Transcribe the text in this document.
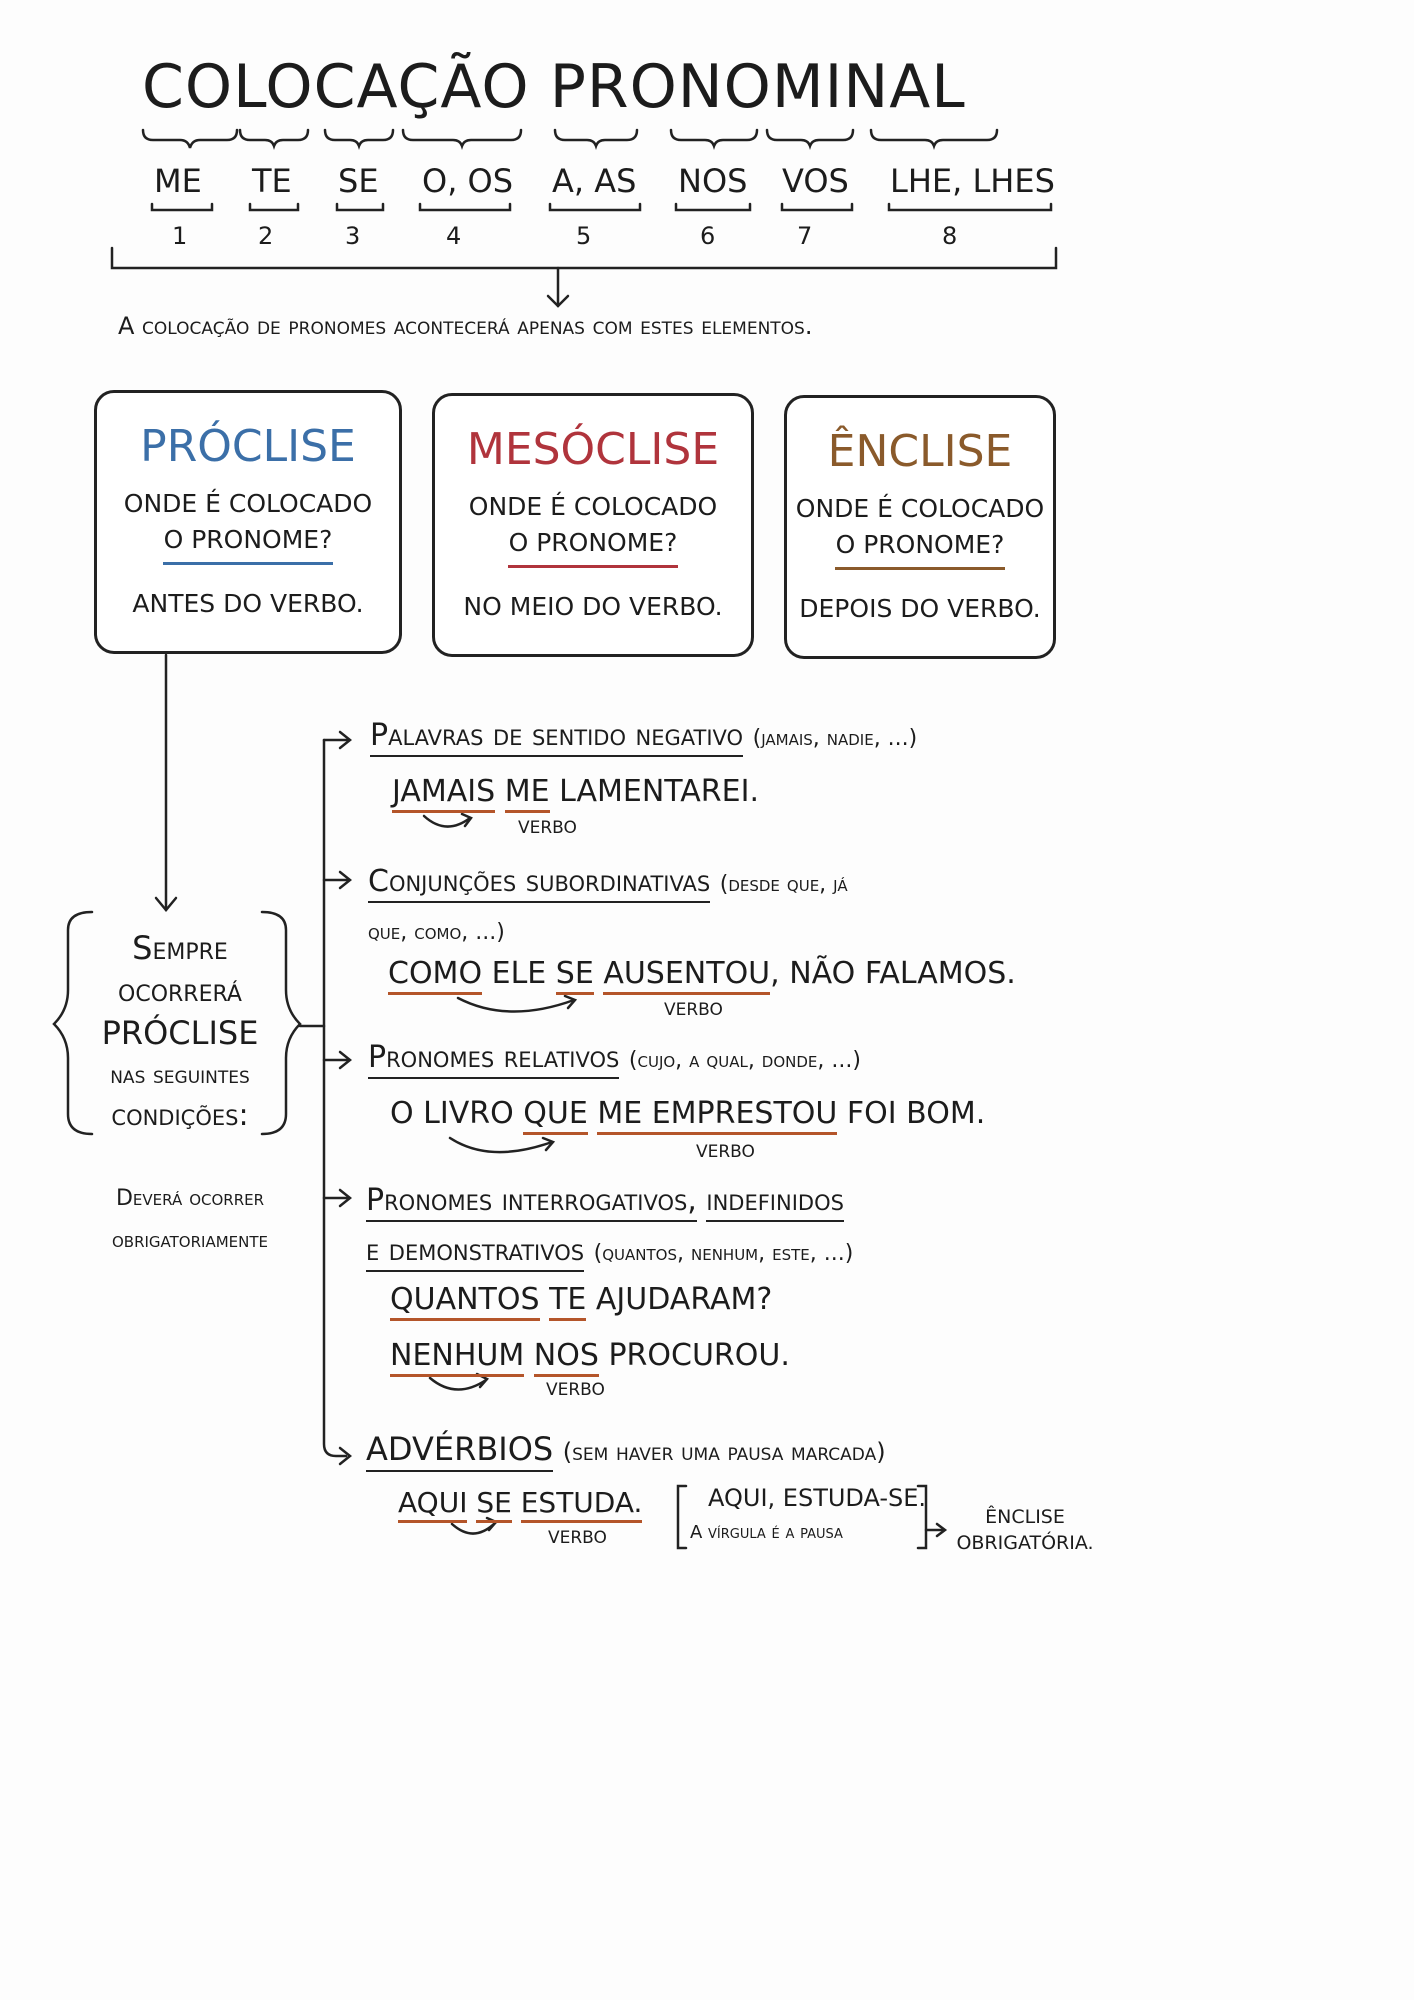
COLOCAÇÃO PRONOMINAL
ME TE SE O, OS A, AS NOS VOS LHE, LHES
1	2	3	4	5	6	7	8
A colocação de pronomes acontecerá apenas com estes elementos.
PRÓCLISE
ONDE É COLOCADO
O PRONOME?
ANTES DO VERBO.
MESÓCLISE
ONDE É COLOCADO
O PRONOME?
NO MEIO DO VERBO.
ÊNCLISE
ONDE É COLOCADO
O PRONOME?
DEPOIS DO VERBO.
Sempre
ocorrerá
PRÓCLISE
nas seguintes
condições:
Deverá ocorrer
obrigatoriamente
Palavras de sentido negativo (jamais, nadie, ...)
JAMAIS ME LAMENTAREI.
VERBO
Conjunções subordinativas (desde que, já
que, como, ...)
COMO ELE SE AUSENTOU, NÃO FALAMOS.
VERBO
Pronomes relativos (cujo, a qual, donde, ...)
O LIVRO QUE ME EMPRESTOU FOI BOM.
VERBO
Pronomes interrogativos, indefinidos
e demonstrativos (quantos, nenhum, este, ...)
QUANTOS TE AJUDARAM?
NENHUM NOS PROCUROU.
VERBO
ADVÉRBIOS (sem haver uma pausa marcada)
AQUI SE ESTUDA.
VERBO
AQUI, ESTUDA-SE.
A vírgula é a pausa
ÊNCLISE
OBRIGATÓRIA.
